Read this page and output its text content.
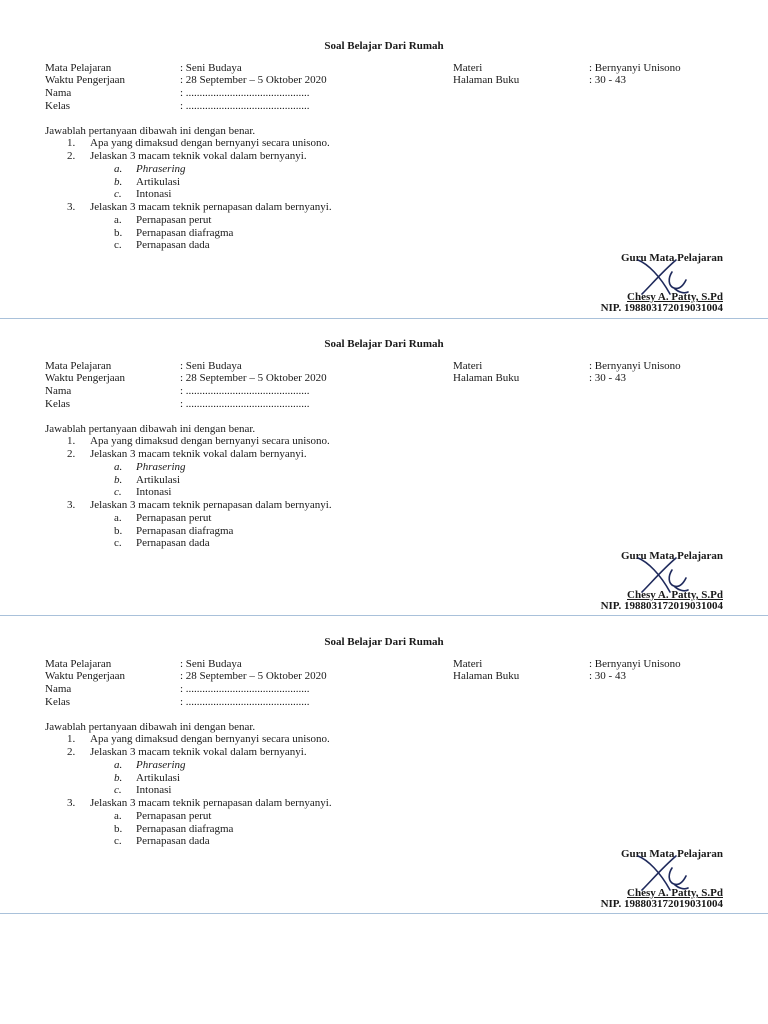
Soal Belajar Dari Rumah
Mata Pelajaran	: Seni Budaya	Materi	: Bernyanyi Unisono
Waktu Pengerjaan	: 28 September – 5 Oktober 2020	Halaman Buku	: 30 - 43
Nama	: .............................................
Kelas	: .............................................
Jawablah pertanyaan dibawah ini dengan benar.
1. Apa yang dimaksud dengan bernyanyi secara unisono.
2. Jelaskan 3 macam teknik vokal dalam bernyanyi.
a. Phrasering
b. Artikulasi
c. Intonasi
3. Jelaskan 3 macam teknik pernapasan dalam bernyanyi.
a. Pernapasan perut
b. Pernapasan diafragma
c. Pernapasan dada
Guru Mata Pelajaran
Chesy A. Patty, S.Pd
NIP. 198803172019031004
Soal Belajar Dari Rumah
Mata Pelajaran	: Seni Budaya	Materi	: Bernyanyi Unisono
Waktu Pengerjaan	: 28 September – 5 Oktober 2020	Halaman Buku	: 30 - 43
Nama	: .............................................
Kelas	: .............................................
Jawablah pertanyaan dibawah ini dengan benar.
1. Apa yang dimaksud dengan bernyanyi secara unisono.
2. Jelaskan 3 macam teknik vokal dalam bernyanyi.
a. Phrasering
b. Artikulasi
c. Intonasi
3. Jelaskan 3 macam teknik pernapasan dalam bernyanyi.
a. Pernapasan perut
b. Pernapasan diafragma
c. Pernapasan dada
Guru Mata Pelajaran
Chesy A. Patty, S.Pd
NIP. 198803172019031004
Soal Belajar Dari Rumah
Mata Pelajaran	: Seni Budaya	Materi	: Bernyanyi Unisono
Waktu Pengerjaan	: 28 September – 5 Oktober 2020	Halaman Buku	: 30 - 43
Nama	: .............................................
Kelas	: .............................................
Jawablah pertanyaan dibawah ini dengan benar.
1. Apa yang dimaksud dengan bernyanyi secara unisono.
2. Jelaskan 3 macam teknik vokal dalam bernyanyi.
a. Phrasering
b. Artikulasi
c. Intonasi
3. Jelaskan 3 macam teknik pernapasan dalam bernyanyi.
a. Pernapasan perut
b. Pernapasan diafragma
c. Pernapasan dada
Guru Mata Pelajaran
Chesy A. Patty, S.Pd
NIP. 198803172019031004
